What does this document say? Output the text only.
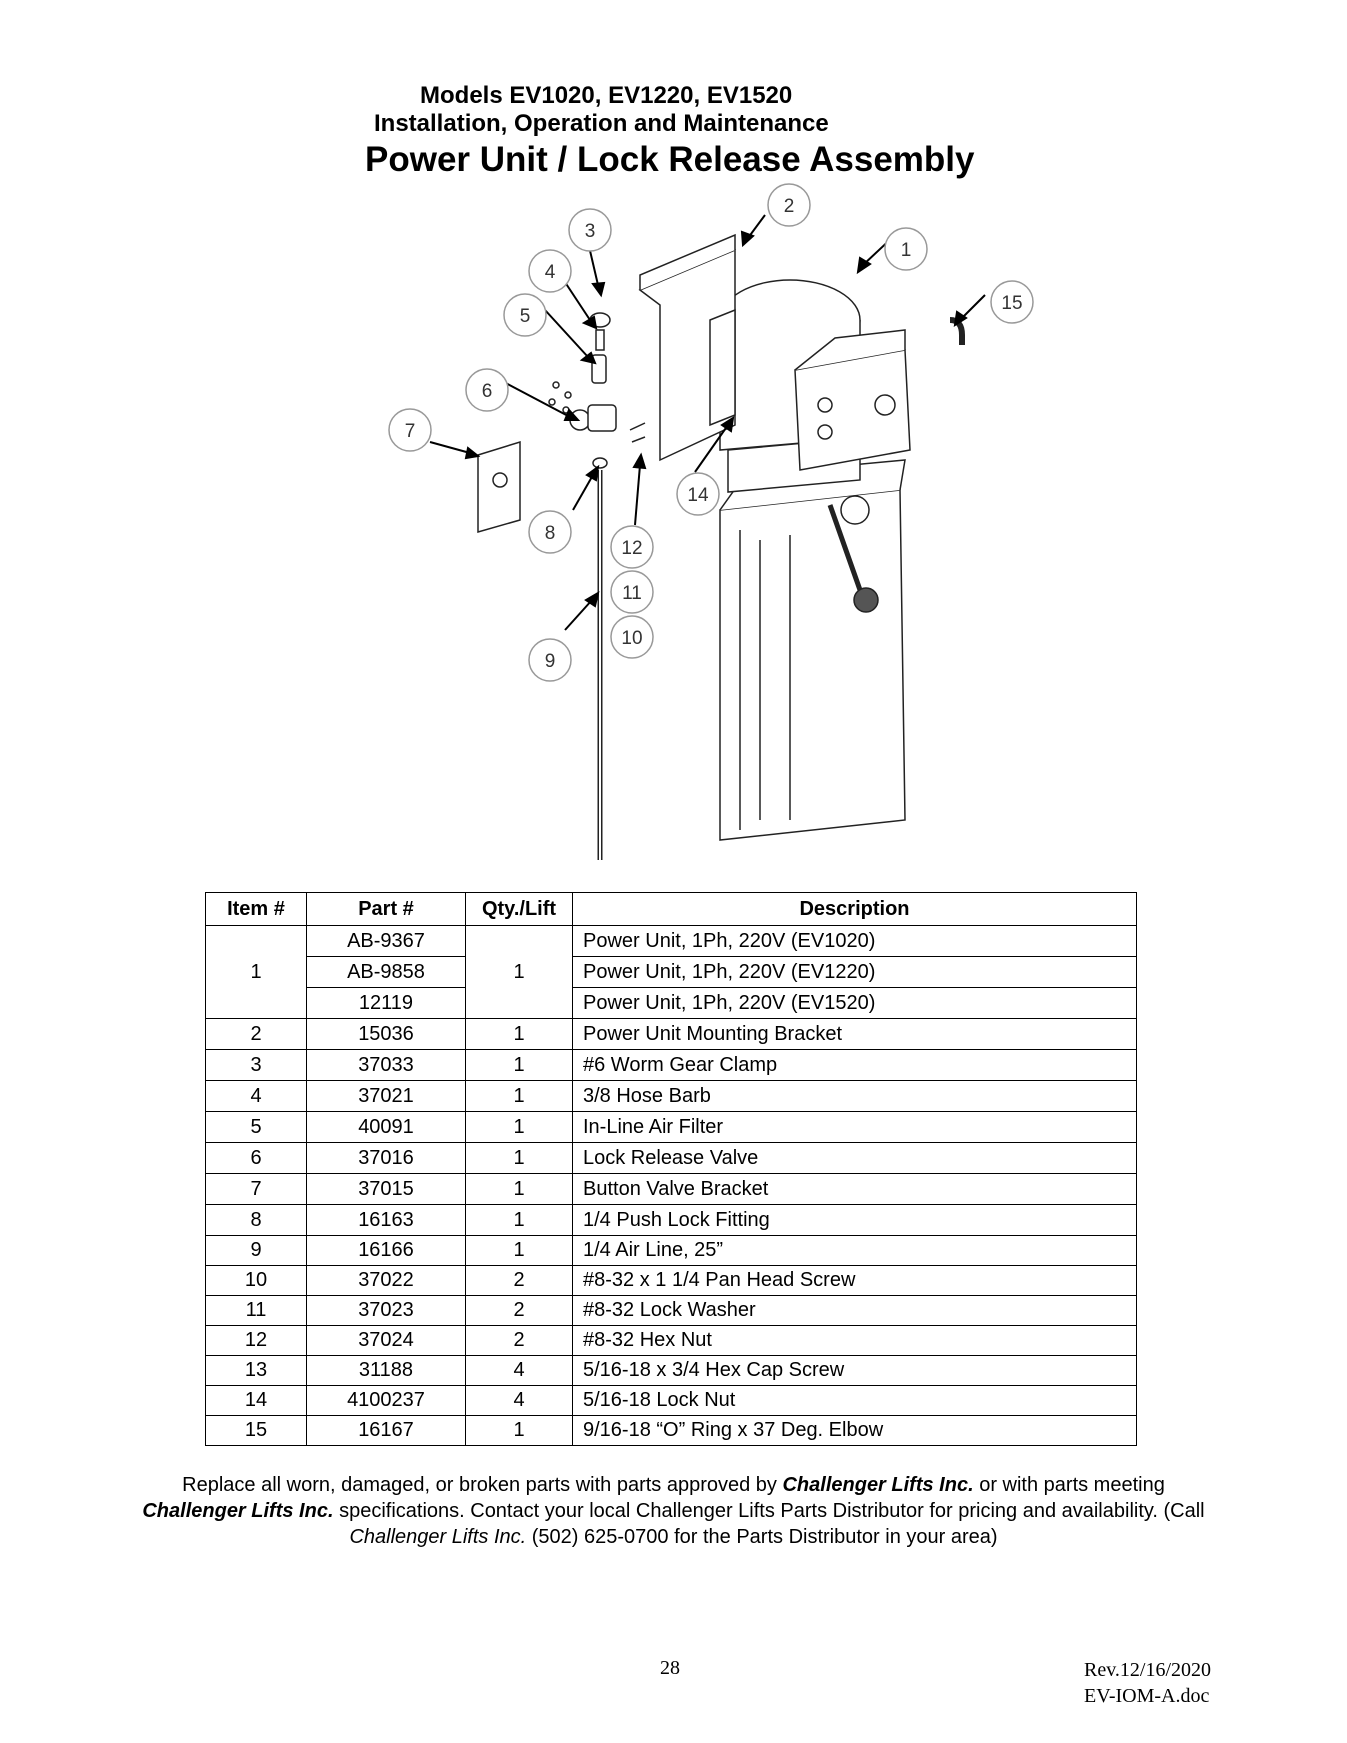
Models EV1020, EV1220, EV1520
Installation, Operation and Maintenance
Power Unit / Lock Release Assembly
1
2
3
4
5
6
7
8
9
10
11
12
14
15
Item #	Part #	Qty./Lift	Description
1	AB-9367	1	Power Unit, 1Ph, 220V (EV1020)
	AB-9858		Power Unit, 1Ph, 220V (EV1220)
	12119		Power Unit, 1Ph, 220V (EV1520)
2	15036	1	Power Unit Mounting Bracket
3	37033	1	#6 Worm Gear Clamp
4	37021	1	3/8 Hose Barb
5	40091	1	In-Line Air Filter
6	37016	1	Lock Release Valve
7	37015	1	Button Valve Bracket
8	16163	1	1/4 Push Lock Fitting
9	16166	1	1/4 Air Line, 25”
10	37022	2	#8-32 x 1 1/4 Pan Head Screw
11	37023	2	#8-32 Lock Washer
12	37024	2	#8-32 Hex Nut
13	31188	4	5/16-18 x 3/4 Hex Cap Screw
14	4100237	4	5/16-18 Lock Nut
15	16167	1	9/16-18 “O” Ring x 37 Deg. Elbow
Replace all worn, damaged, or broken parts with parts approved by Challenger Lifts Inc. or with parts meeting
Challenger Lifts Inc. specifications. Contact your local Challenger Lifts Parts Distributor for pricing and availability. (Call
Challenger Lifts Inc. (502) 625-0700 for the Parts Distributor in your area)
28	Rev.12/16/2020
EV-IOM-A.doc
